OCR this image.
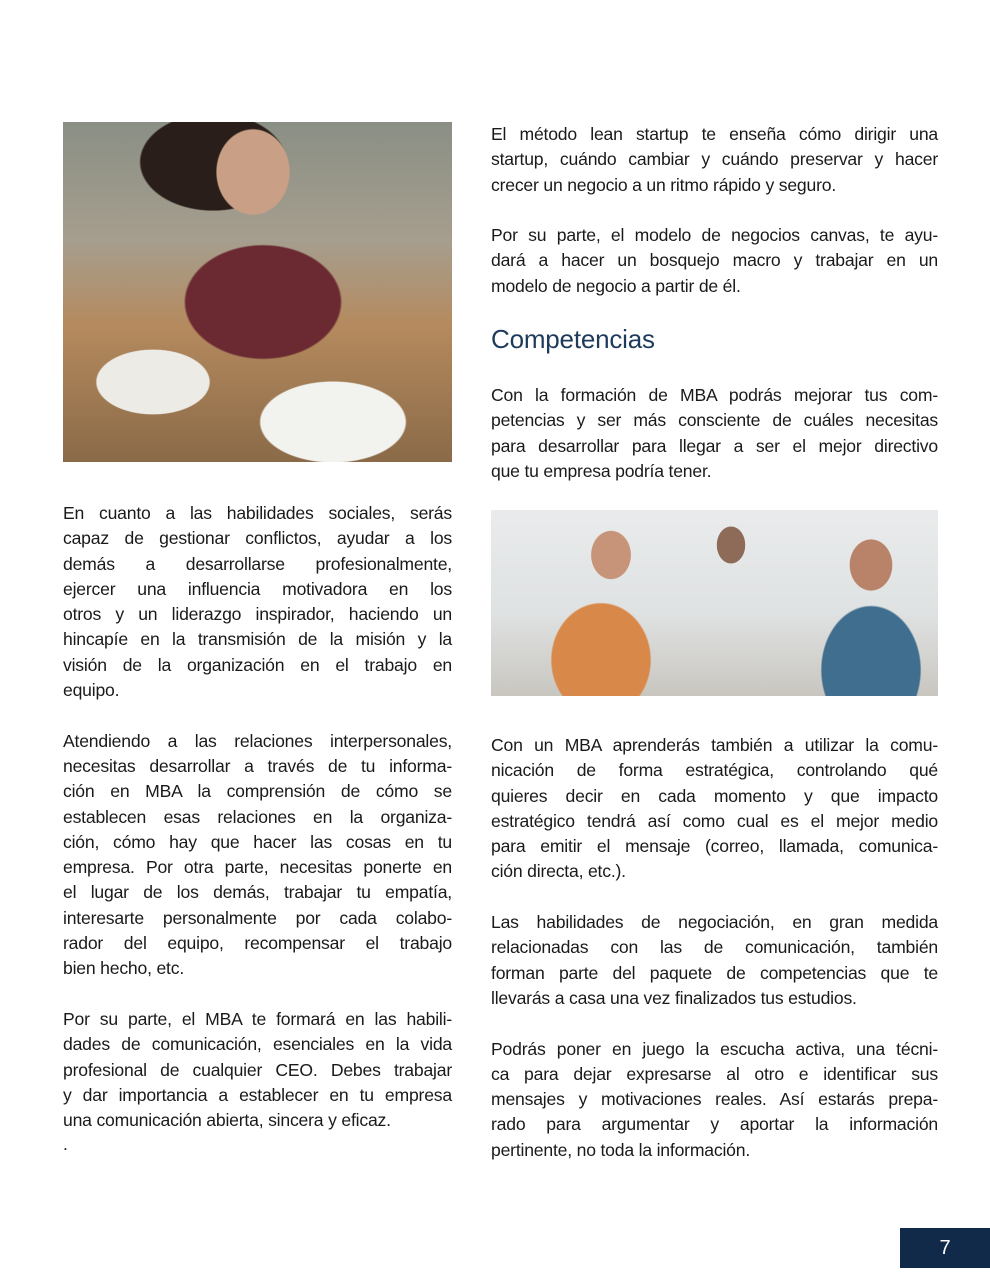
El método lean startup te enseña cómo dirigir una
startup, cuándo cambiar y cuándo preservar y hacer
crecer un negocio a un ritmo rápido y seguro.
Por su parte, el modelo de negocios canvas, te ayu-
dará a hacer un bosquejo macro y trabajar en un
modelo de negocio a partir de él.
Competencias
Con la formación de MBA podrás mejorar tus com-
petencias y ser más consciente de cuáles necesitas
para desarrollar para llegar a ser el mejor directivo
que tu empresa podría tener.
En cuanto a las habilidades sociales, serás
capaz de gestionar conflictos, ayudar a los
demás a desarrollarse profesionalmente,
ejercer una influencia motivadora en los
otros y un liderazgo inspirador, haciendo un
hincapíe en la transmisión de la misión y la
visión de la organización en el trabajo en
equipo.
Atendiendo a las relaciones interpersonales,
necesitas desarrollar a través de tu informa-
ción en MBA la comprensión de cómo se
establecen esas relaciones en la organiza-
ción, cómo hay que hacer las cosas en tu
empresa. Por otra parte, necesitas ponerte en
el lugar de los demás, trabajar tu empatía,
interesarte personalmente por cada colabo-
rador del equipo, recompensar el trabajo
bien hecho, etc.
Por su parte, el MBA te formará en las habili-
dades de comunicación, esenciales en la vida
profesional de cualquier CEO. Debes trabajar
y dar importancia a establecer en tu empresa
una comunicación abierta, sincera y eficaz.
.
Con un MBA aprenderás también a utilizar la comu-
nicación de forma estratégica, controlando qué
quieres decir en cada momento y que impacto
estratégico tendrá así como cual es el mejor medio
para emitir el mensaje (correo, llamada, comunica-
ción directa, etc.).
Las habilidades de negociación, en gran medida
relacionadas con las de comunicación, también
forman parte del paquete de competencias que te
llevarás a casa una vez finalizados tus estudios.
Podrás poner en juego la escucha activa, una técni-
ca para dejar expresarse al otro e identificar sus
mensajes y motivaciones reales. Así estarás prepa-
rado para argumentar y aportar la información
pertinente, no toda la información.
7
